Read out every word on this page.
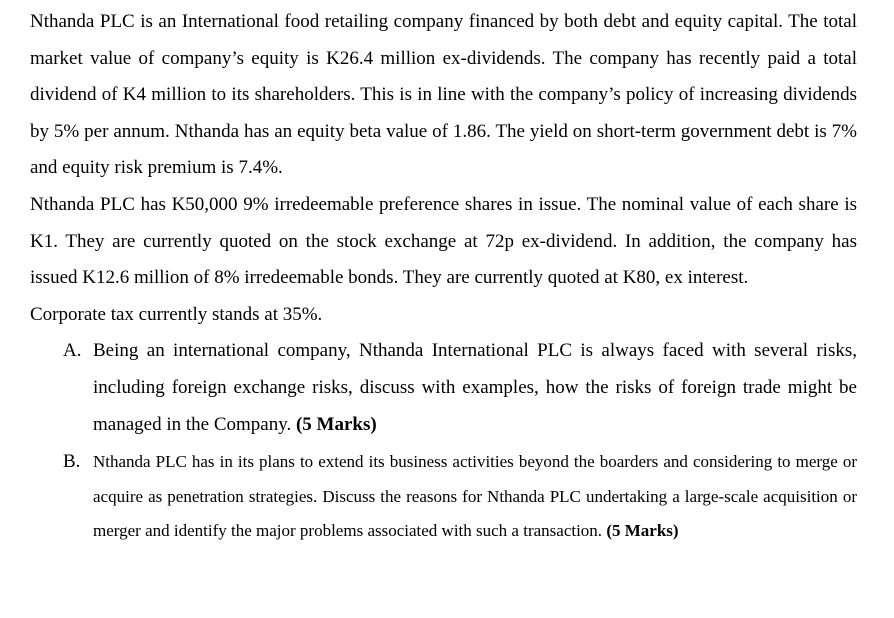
Nthanda PLC is an International food retailing company financed by both debt and equity capital. The total market value of company’s equity is K26.4 million ex-dividends. The company has recently paid a total dividend of K4 million to its shareholders. This is in line with the company’s policy of increasing dividends by 5% per annum. Nthanda has an equity beta value of 1.86. The yield on short-term government debt is 7% and equity risk premium is 7.4%.

Nthanda PLC has K50,000 9% irredeemable preference shares in issue. The nominal value of each share is K1. They are currently quoted on the stock exchange at 72p ex-dividend. In addition, the company has issued K12.6 million of 8% irredeemable bonds. They are currently quoted at K80, ex interest.

Corporate tax currently stands at 35%.

A. Being an international company, Nthanda International PLC is always faced with several risks, including foreign exchange risks, discuss with examples, how the risks of foreign trade might be managed in the Company. (5 Marks)
B. Nthanda PLC has in its plans to extend its business activities beyond the boarders and considering to merge or acquire as penetration strategies. Discuss the reasons for Nthanda PLC undertaking a large-scale acquisition or merger and identify the major problems associated with such a transaction. (5 Marks)
